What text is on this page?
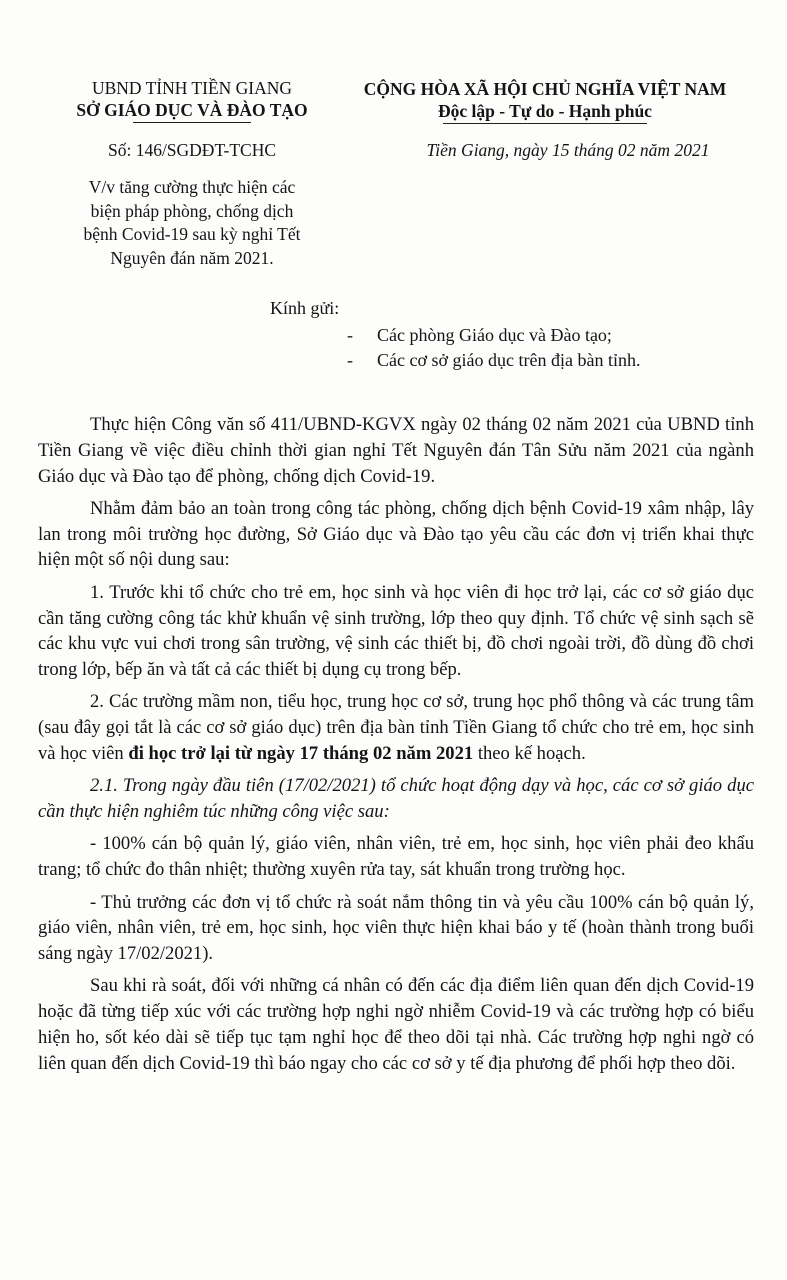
UBND TỈNH TIỀN GIANG
SỞ GIÁO DỤC VÀ ĐÀO TẠO
CỘNG HÒA XÃ HỘI CHỦ NGHĨA VIỆT NAM
Độc lập - Tự do - Hạnh phúc
Số: 146/SGDĐT-TCHC	Tiền Giang, ngày 15 tháng 02 năm 2021
V/v tăng cường thực hiện các
biện pháp phòng, chống dịch
bệnh Covid-19 sau kỳ nghỉ Tết
Nguyên đán năm 2021.
Kính gửi:
- Các phòng Giáo dục và Đào tạo;
- Các cơ sở giáo dục trên địa bàn tỉnh.

Thực hiện Công văn số 411/UBND-KGVX ngày 02 tháng 02 năm 2021 của UBND tỉnh Tiền Giang về việc điều chỉnh thời gian nghỉ Tết Nguyên đán Tân Sửu năm 2021 của ngành Giáo dục và Đào tạo để phòng, chống dịch Covid-19.

Nhằm đảm bảo an toàn trong công tác phòng, chống dịch bệnh Covid-19 xâm nhập, lây lan trong môi trường học đường, Sở Giáo dục và Đào tạo yêu cầu các đơn vị triển khai thực hiện một số nội dung sau:

1. Trước khi tổ chức cho trẻ em, học sinh và học viên đi học trở lại, các cơ sở giáo dục cần tăng cường công tác khử khuẩn vệ sinh trường, lớp theo quy định. Tổ chức vệ sinh sạch sẽ các khu vực vui chơi trong sân trường, vệ sinh các thiết bị, đồ chơi ngoài trời, đồ dùng đồ chơi trong lớp, bếp ăn và tất cả các thiết bị dụng cụ trong bếp.

2. Các trường mầm non, tiểu học, trung học cơ sở, trung học phổ thông và các trung tâm (sau đây gọi tắt là các cơ sở giáo dục) trên địa bàn tỉnh Tiền Giang tổ chức cho trẻ em, học sinh và học viên đi học trở lại từ ngày 17 tháng 02 năm 2021 theo kế hoạch.

2.1. Trong ngày đầu tiên (17/02/2021) tổ chức hoạt động dạy và học, các cơ sở giáo dục cần thực hiện nghiêm túc những công việc sau:

- 100% cán bộ quản lý, giáo viên, nhân viên, trẻ em, học sinh, học viên phải đeo khẩu trang; tổ chức đo thân nhiệt; thường xuyên rửa tay, sát khuẩn trong trường học.

- Thủ trưởng các đơn vị tổ chức rà soát nắm thông tin và yêu cầu 100% cán bộ quản lý, giáo viên, nhân viên, trẻ em, học sinh, học viên thực hiện khai báo y tế (hoàn thành trong buổi sáng ngày 17/02/2021).

Sau khi rà soát, đối với những cá nhân có đến các địa điểm liên quan đến dịch Covid-19 hoặc đã từng tiếp xúc với các trường hợp nghi ngờ nhiễm Covid-19 và các trường hợp có biểu hiện ho, sốt kéo dài sẽ tiếp tục tạm nghỉ học để theo dõi tại nhà. Các trường hợp nghi ngờ có liên quan đến dịch Covid-19 thì báo ngay cho các cơ sở y tế địa phương để phối hợp theo dõi.
